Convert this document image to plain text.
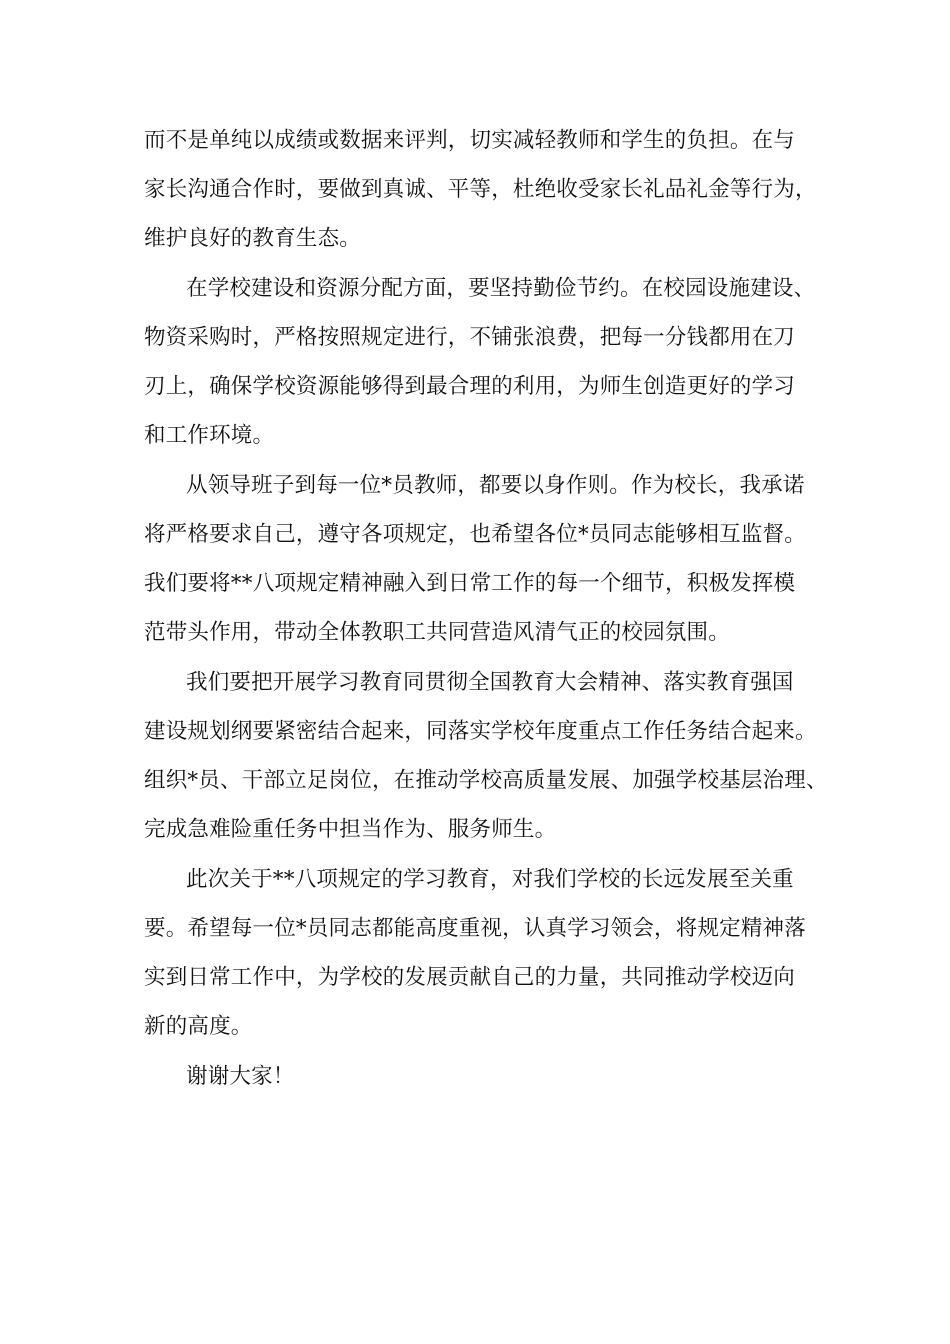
而不是单纯以成绩或数据来评判，切实减轻教师和学生的负担。在与
家长沟通合作时，要做到真诚、平等，杜绝收受家长礼品礼金等行为，
维护良好的教育生态。
在学校建设和资源分配方面，要坚持勤俭节约。在校园设施建设、
物资采购时，严格按照规定进行，不铺张浪费，把每一分钱都用在刀
刃上，确保学校资源能够得到最合理的利用，为师生创造更好的学习
和工作环境。
从领导班子到每一位*员教师，都要以身作则。作为校长，我承诺
将严格要求自己，遵守各项规定，也希望各位*员同志能够相互监督。
我们要将**八项规定精神融入到日常工作的每一个细节，积极发挥模
范带头作用，带动全体教职工共同营造风清气正的校园氛围。
我们要把开展学习教育同贯彻全国教育大会精神、落实教育强国
建设规划纲要紧密结合起来，同落实学校年度重点工作任务结合起来。
组织*员、干部立足岗位，在推动学校高质量发展、加强学校基层治理、
完成急难险重任务中担当作为、服务师生。
此次关于**八项规定的学习教育，对我们学校的长远发展至关重
要。希望每一位*员同志都能高度重视，认真学习领会，将规定精神落
实到日常工作中，为学校的发展贡献自己的力量，共同推动学校迈向
新的高度。
谢谢大家！
